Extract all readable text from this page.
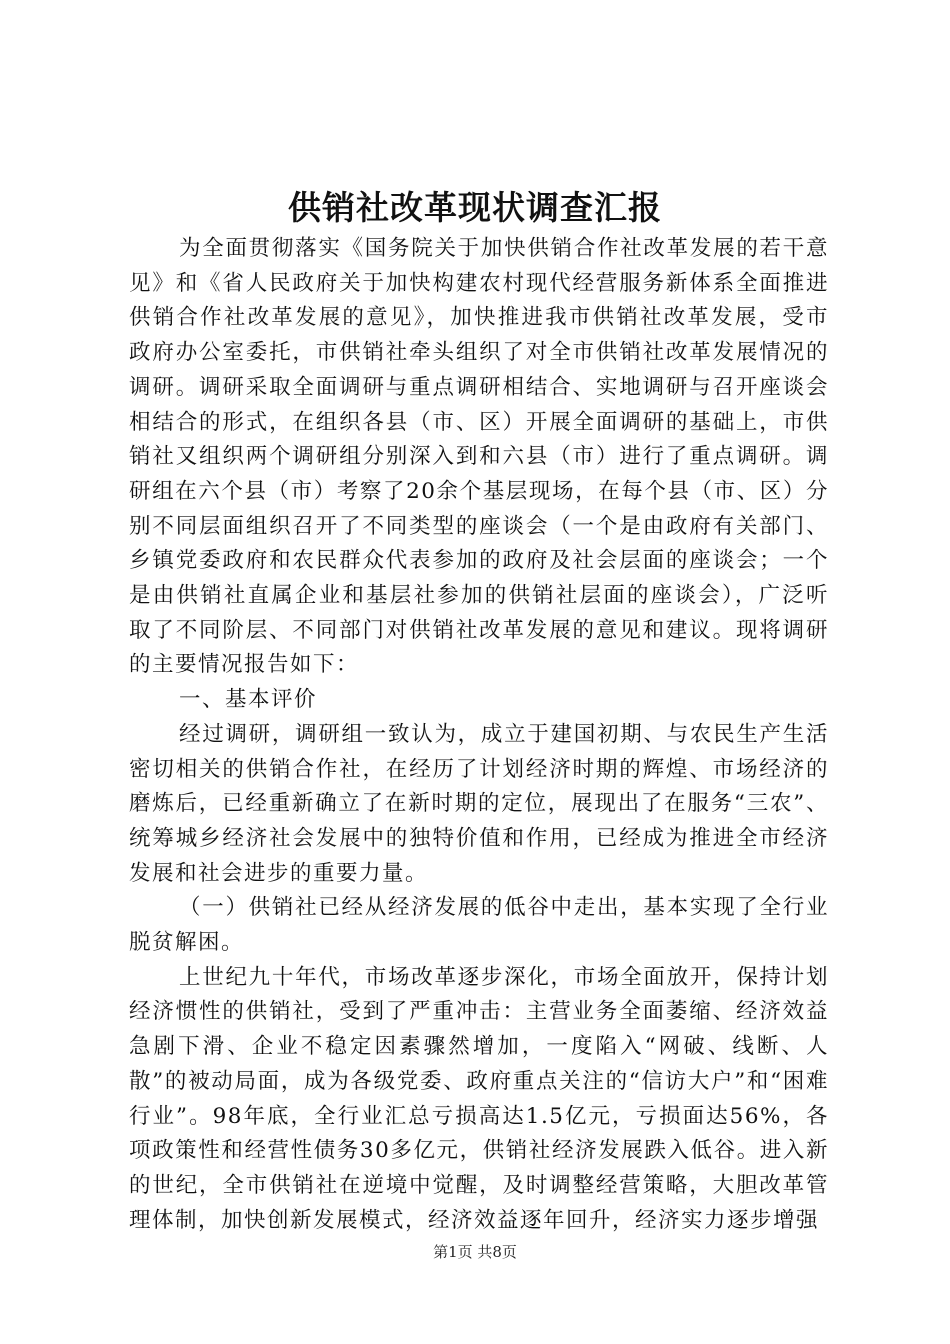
供销社改革现状调查汇报

为全面贯彻落实《国务院关于加快供销合作社改革发展的若干意见》和《省人民政府关于加快构建农村现代经营服务新体系全面推进供销合作社改革发展的意见》，加快推进我市供销社改革发展，受市政府办公室委托，市供销社牵头组织了对全市供销社改革发展情况的调研。调研采取全面调研与重点调研相结合、实地调研与召开座谈会相结合的形式，在组织各县（市、区）开展全面调研的基础上，市供销社又组织两个调研组分别深入到和六县（市）进行了重点调研。调研组在六个县（市）考察了20余个基层现场，在每个县（市、区）分别不同层面组织召开了不同类型的座谈会（一个是由政府有关部门、乡镇党委政府和农民群众代表参加的政府及社会层面的座谈会；一个是由供销社直属企业和基层社参加的供销社层面的座谈会），广泛听取了不同阶层、不同部门对供销社改革发展的意见和建议。现将调研的主要情况报告如下：

一、基本评价

经过调研，调研组一致认为，成立于建国初期、与农民生产生活密切相关的供销合作社，在经历了计划经济时期的辉煌、市场经济的磨炼后，已经重新确立了在新时期的定位，展现出了在服务“三农”、统筹城乡经济社会发展中的独特价值和作用，已经成为推进全市经济发展和社会进步的重要力量。

（一）供销社已经从经济发展的低谷中走出，基本实现了全行业脱贫解困。

上世纪九十年代，市场改革逐步深化，市场全面放开，保持计划经济惯性的供销社，受到了严重冲击：主营业务全面萎缩、经济效益急剧下滑、企业不稳定因素骤然增加，一度陷入“网破、线断、人散”的被动局面，成为各级党委、政府重点关注的“信访大户”和“困难行业”。98年底，全行业汇总亏损高达1.5亿元，亏损面达56%，各项政策性和经营性债务30多亿元，供销社经济发展跌入低谷。进入新的世纪，全市供销社在逆境中觉醒，及时调整经营策略，大胆改革管理体制，加快创新发展模式，经济效益逐年回升，经济实力逐步增强

第1页 共8页
